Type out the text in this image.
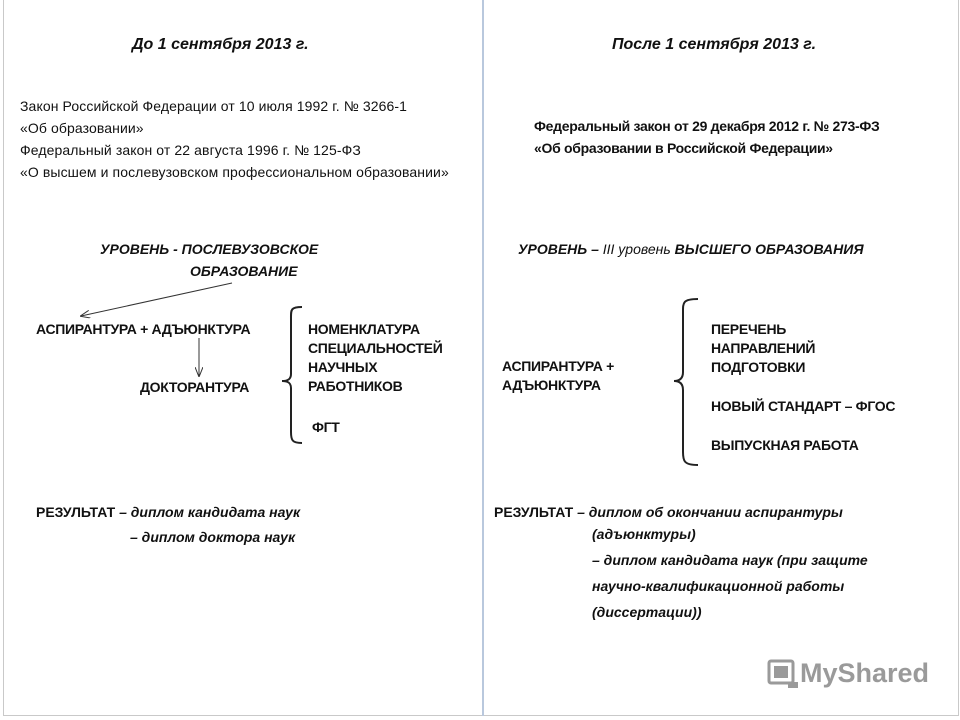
До 1 сентября 2013 г.
Закон Российской Федерации от 10 июля 1992 г. № 3266-1
«Об образовании»
Федеральный закон от 22 августа 1996 г. № 125-ФЗ
«О высшем и послевузовском профессиональном образовании»
УРОВЕНЬ - ПОСЛЕВУЗОВСКОЕ
ОБРАЗОВАНИЕ
АСПИРАНТУРА + АДЪЮНКТУРА
ДОКТОРАНТУРА
НОМЕНКЛАТУРА
СПЕЦИАЛЬНОСТЕЙ
НАУЧНЫХ
РАБОТНИКОВ
ФГТ
РЕЗУЛЬТАТ – диплом кандидата наук
– диплом доктора наук
После 1 сентября 2013 г.
Федеральный закон от 29 декабря 2012 г. № 273-ФЗ
«Об образовании в Российской Федерации»
УРОВЕНЬ – III уровень ВЫСШЕГО ОБРАЗОВАНИЯ
АСПИРАНТУРА +
АДЪЮНКТУРА
ПЕРЕЧЕНЬ
НАПРАВЛЕНИЙ
ПОДГОТОВКИ
НОВЫЙ СТАНДАРТ – ФГОС
ВЫПУСКНАЯ РАБОТА
РЕЗУЛЬТАТ – диплом об окончании аспирантуры
(адъюнктуры)
– диплом кандидата наук (при защите
научно-квалификационной работы
(диссертации))
MyShared
